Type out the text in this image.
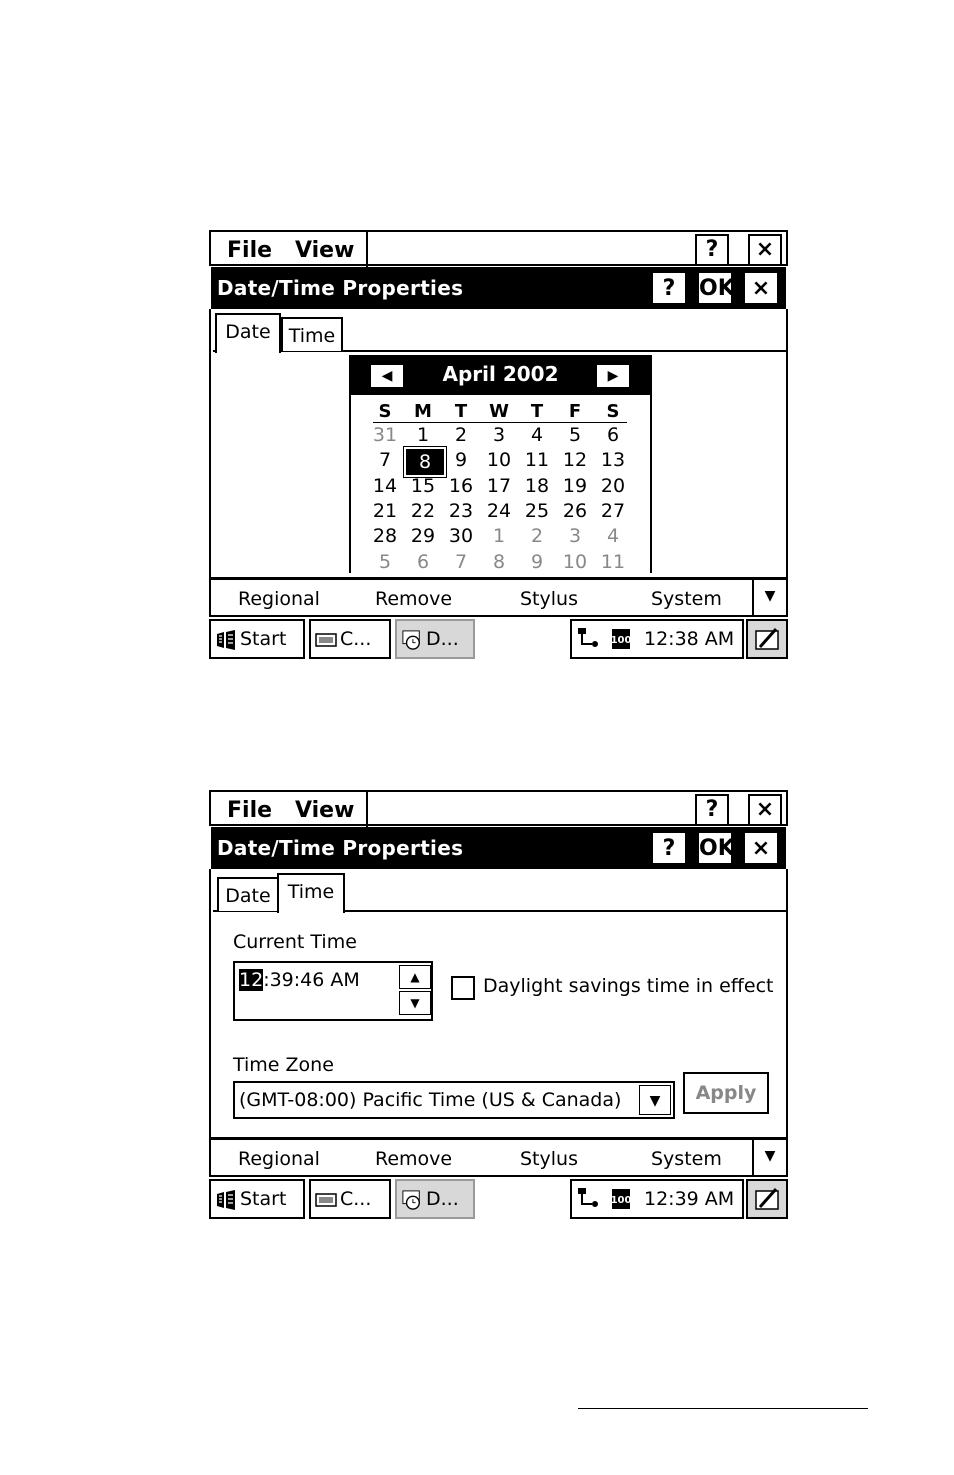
File View	?	×
Date/Time Properties	?	OK ×
Date Time
◀	April 2002	▶
S	M	T	W	T	F	S
31	1	2	3	4	5	6
7	8	9	10 11 12 13
14 15 16 17 18 19 20
21 22 23 24 25 26 27
28 29 30	1	2	3	4
5	6	7	8	9	10 11
Regional	Remove	Stylus	System	▼
Start	C...	D...	100 12:38 AM
File View	?	×
Date/Time Properties	?	OK ×
Date Time
Current Time
12:39:46 AM	▲
▼
Daylight savings time in effect
Time Zone
(GMT-08:00) Pacific Time (US & Canada)	▼	Apply
Regional	Remove	Stylus	System	▼
Start	C...	D...	100 12:39 AM
